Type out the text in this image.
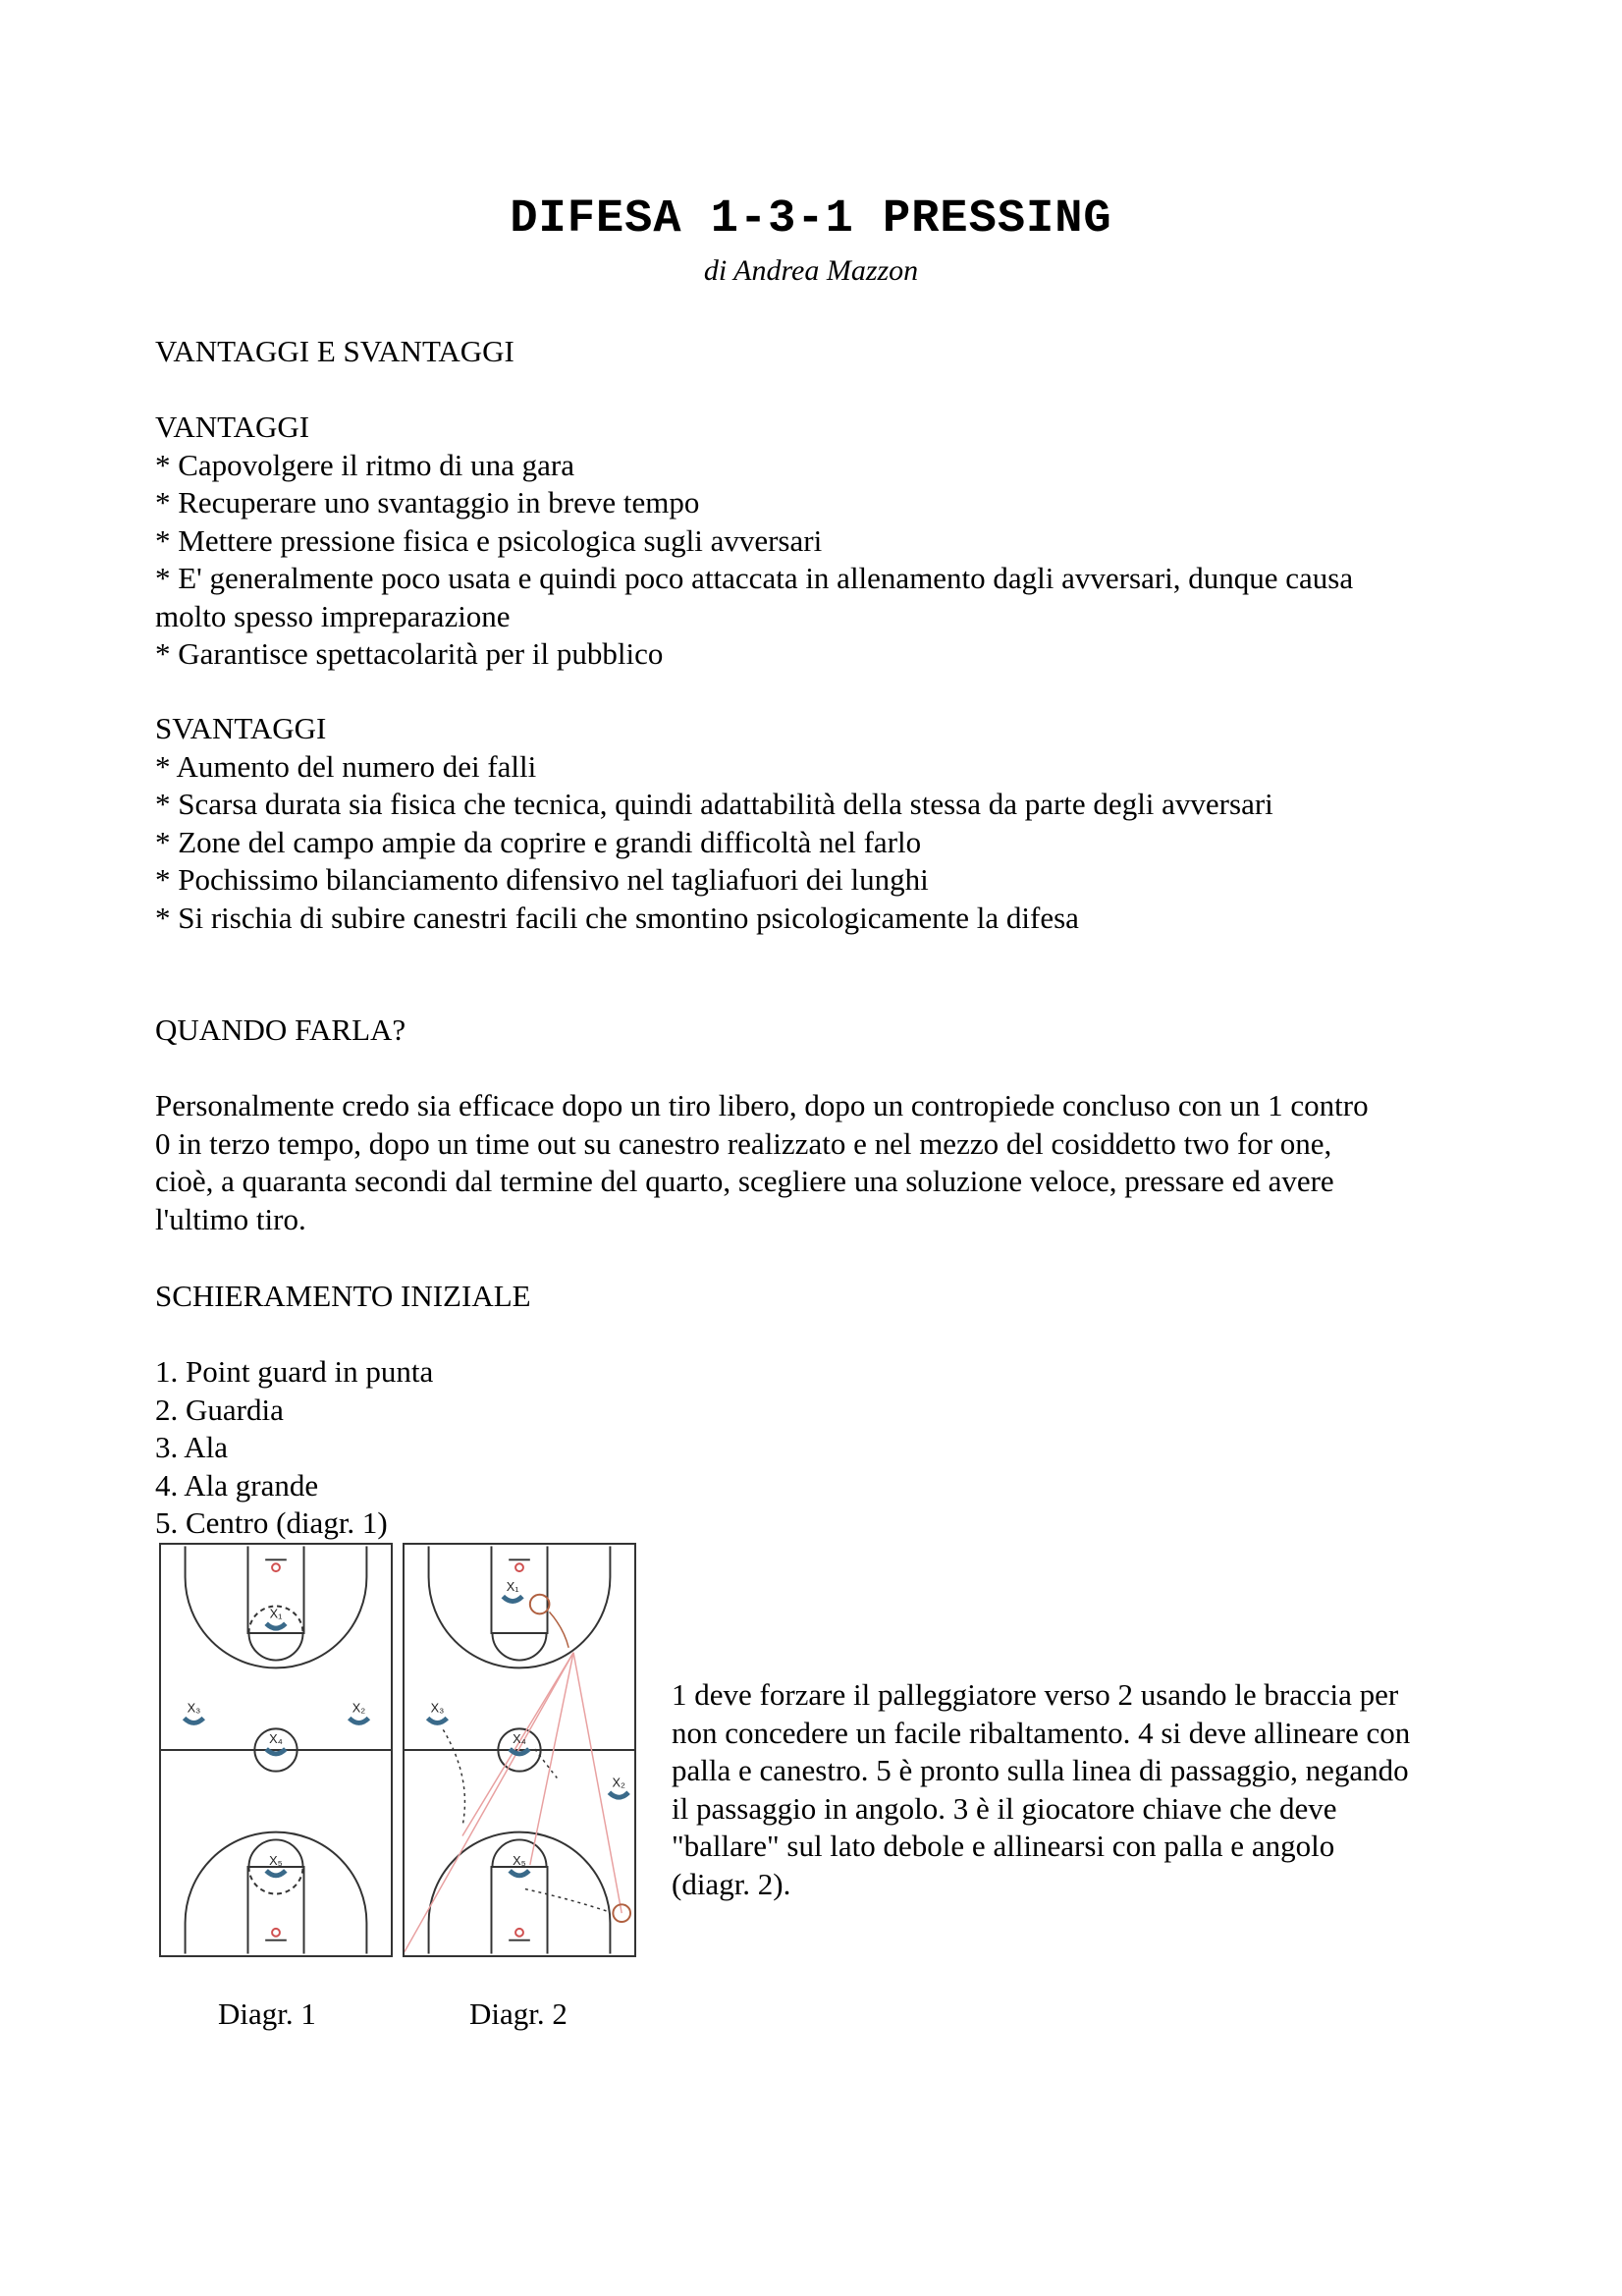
DIFESA 1-3-1 PRESSING
di Andrea Mazzon
VANTAGGI E SVANTAGGI
VANTAGGI
* Capovolgere il ritmo di una gara
* Recuperare uno svantaggio in breve tempo
* Mettere pressione fisica e psicologica sugli avversari
* E' generalmente poco usata e quindi poco attaccata in allenamento dagli avversari, dunque causa
molto spesso impreparazione
* Garantisce spettacolarità per il pubblico
SVANTAGGI
* Aumento del numero dei falli
* Scarsa durata sia fisica che tecnica, quindi adattabilità della stessa da parte degli avversari
* Zone del campo ampie da coprire e grandi difficoltà nel farlo
* Pochissimo bilanciamento difensivo nel tagliafuori dei lunghi
* Si rischia di subire canestri facili che smontino psicologicamente la difesa
QUANDO FARLA?
Personalmente credo sia efficace dopo un tiro libero, dopo un contropiede concluso con un 1 contro
0 in terzo tempo, dopo un time out su canestro realizzato e nel mezzo del cosiddetto two for one,
cioè, a quaranta secondi dal termine del quarto, scegliere una soluzione veloce, pressare ed avere
l'ultimo tiro.
SCHIERAMENTO INIZIALE
1. Point guard in punta
2. Guardia
3. Ala
4. Ala grande
5. Centro (diagr. 1)
X₁
X₃	X₂
X₄
X₅
X₁
X₃
X₄
X₂
X₅
Diagr. 1	Diagr. 2
1 deve forzare il palleggiatore verso 2 usando le braccia per
non concedere un facile ribaltamento. 4 si deve allineare con
palla e canestro. 5 è pronto sulla linea di passaggio, negando
il passaggio in angolo. 3 è il giocatore chiave che deve
"ballare" sul lato debole e allinearsi con palla e angolo
(diagr. 2).
